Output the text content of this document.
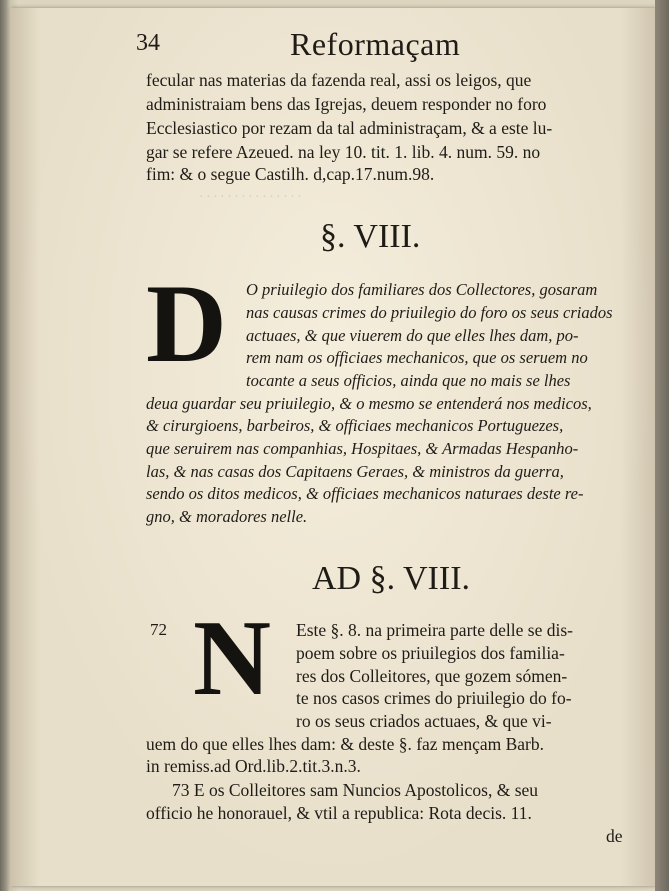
. . . . . . . . . . . . . . .
34	Reformaçam
fecular nas materias da fazenda real, assi os leigos, que
administraiam bens das Igrejas, deuem responder no foro
Ecclesiastico por rezam da tal administraçam, & a este lu-
gar se refere Azeued. na ley 10. tit. 1. lib. 4. num. 59. no
fim: & o segue Castilh. d,cap.17.num.98.
§. VIII.
D O priuilegio dos familiares dos Collectores, gosaram
nas causas crimes do priuilegio do foro os seus criados
actuaes, & que viuerem do que elles lhes dam, po-
rem nam os officiaes mechanicos, que os seruem no
tocante a seus officios, ainda que no mais se lhes
deua guardar seu priuilegio, & o mesmo se entenderá nos medicos,
& cirurgioens, barbeiros, & officiaes mechanicos Portuguezes,
que seruirem nas companhias, Hospitaes, & Armadas Hespanho-
las, & nas casas dos Capitaens Geraes, & ministros da guerra,
sendo os ditos medicos, & officiaes mechanicos naturaes deste re-
gno, & moradores nelle.
AD §. VIII.
72 N Este §. 8. na primeira parte delle se dis-
poem sobre os priuilegios dos familia-
res dos Colleitores, que gozem sómen-
te nos casos crimes do priuilegio do fo-
ro os seus criados actuaes, & que vi-
uem do que elles lhes dam: & deste §. faz mençam Barb.
in remiss.ad Ord.lib.2.tit.3.n.3.
73 E os Colleitores sam Nuncios Apostolicos, & seu
officio he honorauel, & vtil a republica: Rota decis. 11.
de
